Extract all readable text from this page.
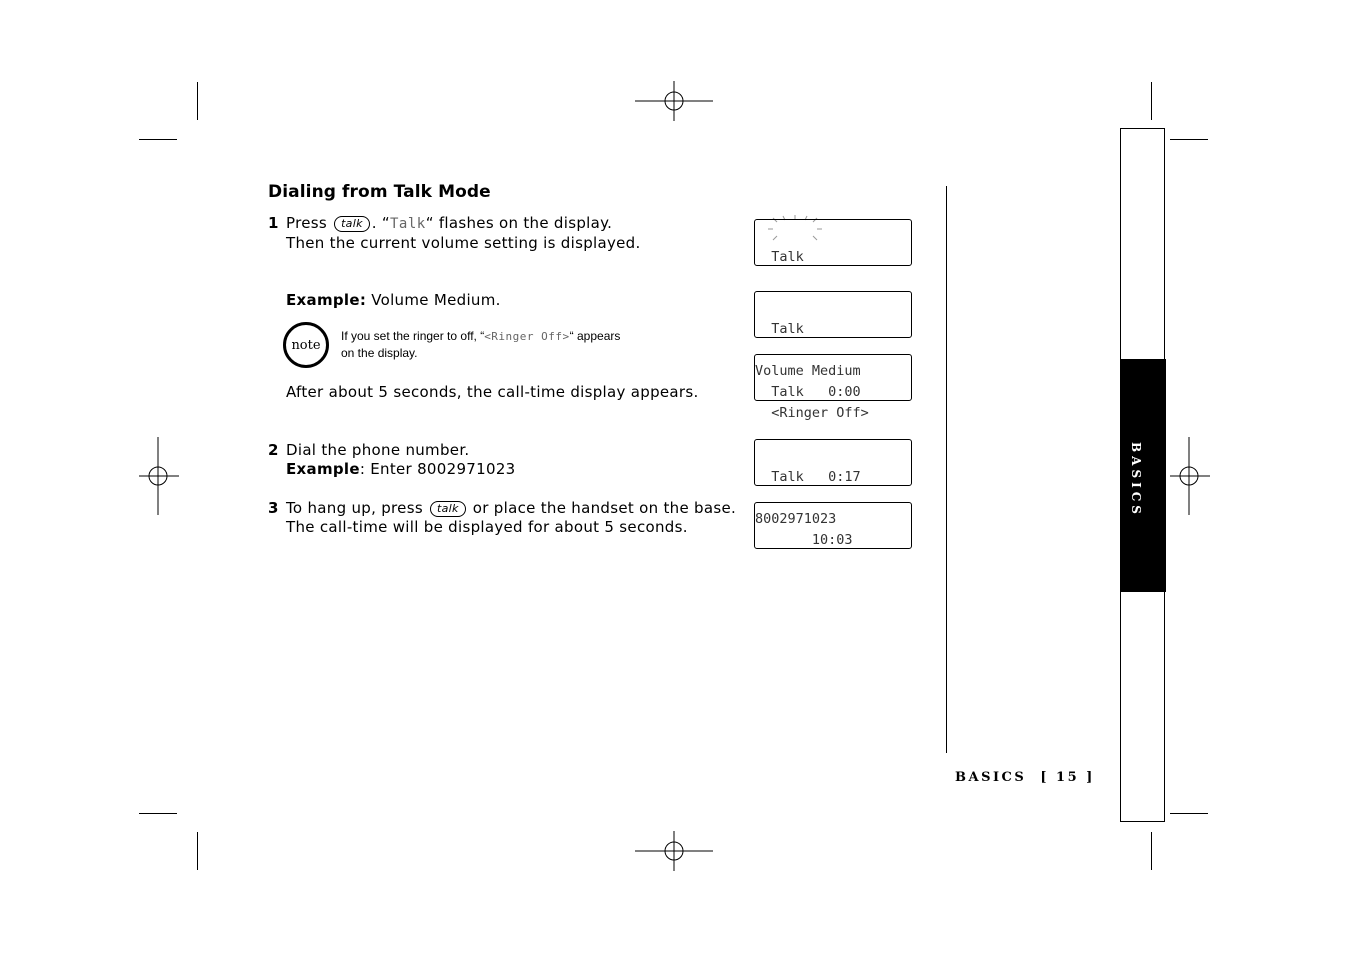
Dialing from Talk Mode
1 Press talk . “Talk“ flashes on the display.
Then the current volume setting is displayed.
Example: Volume Medium.
note
If you set the ringer to off, “<Ringer Off>“ appears
on the display.
After about 5 seconds, the call-time display appears.
2 Dial the phone number.
Example: Enter 8002971023
3 To hang up, press talk or place the handset on the base.
The call-time will be displayed for about 5 seconds.

Talk

Talk

Volume Medium

<Ringer Off>

Talk   0:00

Talk   0:17

8002971023

10:03

BASICS
BASICS [ 15 ]
